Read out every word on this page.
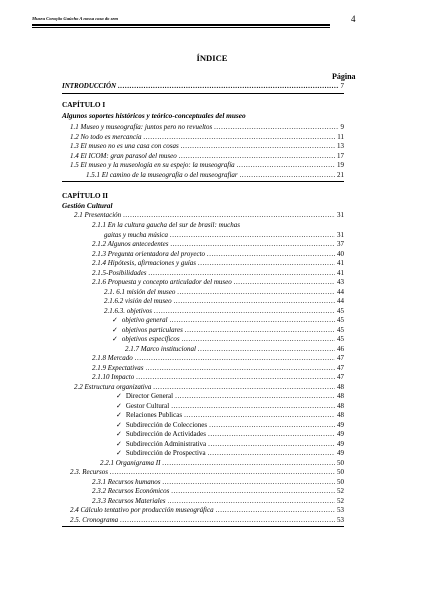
Museu Coração Gaúcho A nossa casa do sem	4
ÍNDICE
Página
INTRODUCCIÓN .....	7
CAPÍTULO I
Algunos soportes históricos y teórico-conceptuales del museo
1.1 Museo y museografía: juntos pero no revueltos .....	9
1.2 No todo es mercancía .....	11
1.3 El museo no es una casa con cosas .....	13
1.4 El ICOM: gran parasol del museo .....	17
1.5 El museo y la museología en su espejo: la museografía .....	19
1.5.1 El camino de la museografía o del museografiar .....	21
CAPÍTULO II
Gestión Cultural
2.1 Presentación .....	31
2.1.1 En la cultura gaucha del sur de brasil: muchas
gaitas y mucha música .....	31
2.1.2 Algunos antecedentes .....	37
2.1.3 Pregunta orientadora del proyecto .....	40
2.1.4 Hipótesis, afirmaciones y guías .....	41
2.1.5-Posibilidades .....	41
2.1.6 Propuesta y concepto articulador del museo .....	43
2.1. 6.1 misión del museo .....	44
2.1.6.2 visión del museo .....	44
2.1.6.3. objetivos .....	45
✓ objetivo general .....	45
✓ objetivos particulares .....	45
✓ objetivos específicos .....	45
2.1.7 Marco institucional .....	46
2.1.8 Mercado .....	47
2.1.9 Expectativas .....	47
2.1.10 Impacto .....	47
2.2 Estructura organizativa .....	48
✓ Director General .....	48
✓ Gestor Cultural .....	48
✓ Relaciones Publicas .....	48
✓ Subdirección de Colecciones .....	49
✓ Subdirección de Actividades .....	49
✓ Subdirección Administrativa .....	49
✓ Subdirección de Prospectiva .....	49
2.2.1 Organigrama II .....	50
2.3. Recursos .....	50
2.3.1 Recursos humanos .....	50
2.3.2 Recursos Económicos .....	52
2.3.3 Recursos Materiales .....	52
2.4 Cálculo tentativo por producción museográfica .....	53
2.5. Cronograma .....	53
